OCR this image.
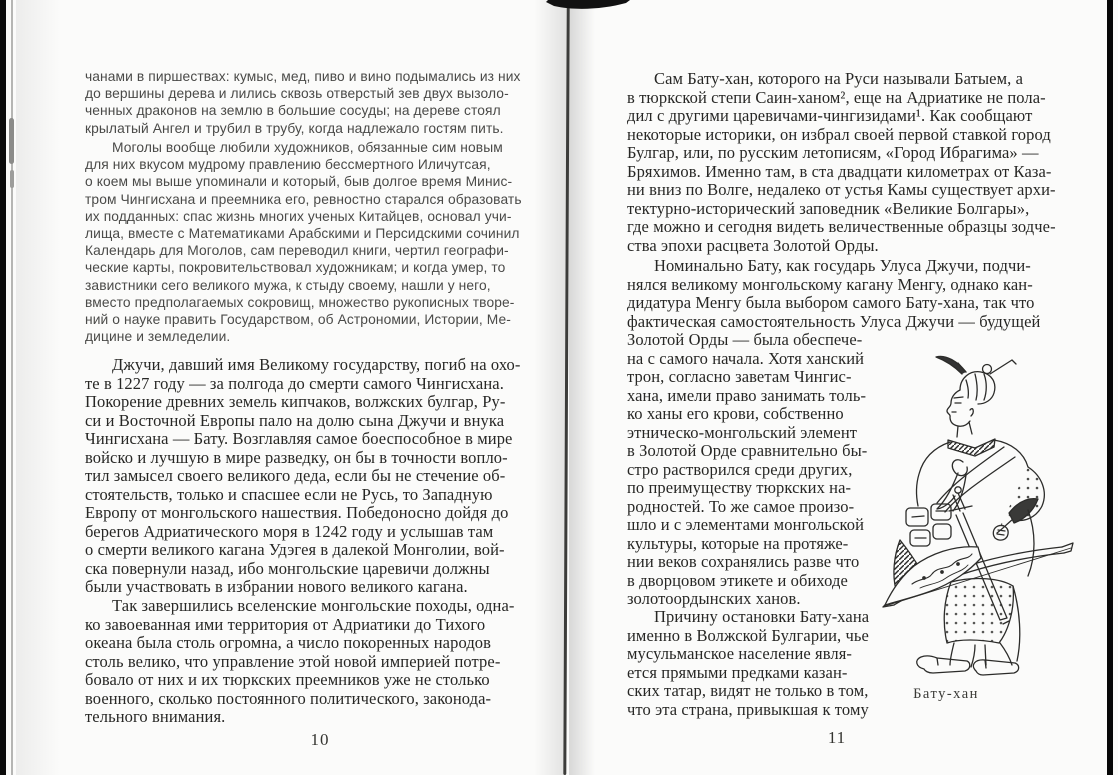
чанами в пиршествах: кумыс, мед, пиво и вино подымались из них
до вершины дерева и лились сквозь отверстый зев двух вызоло-
ченных драконов на землю в большие сосуды; на дереве стоял
крылатый Ангел и трубил в трубу, когда надлежало гостям пить.
Моголы вообще любили художников, обязанные сим новым
для них вкусом мудрому правлению бессмертного Иличутсая,
о коем мы выше упоминали и который, быв долгое время Минис-
тром Чингисхана и преемника его, ревностно старался образовать
их подданных: спас жизнь многих ученых Китайцев, основал учи-
лища, вместе с Математиками Арабскими и Персидскими сочинил
Календарь для Моголов, сам переводил книги, чертил географи-
ческие карты, покровительствовал художникам; и когда умер, то
завистники сего великого мужа, к стыду своему, нашли у него,
вместо предполагаемых сокровищ, множество рукописных творе-
ний о науке править Государством, об Астрономии, Истории, Ме-
дицине и земледелии.
Джучи, давший имя Великому государству, погиб на охо-
те в 1227 году — за полгода до смерти самого Чингисхана.
Покорение древних земель кипчаков, волжских булгар, Ру-
си и Восточной Европы пало на долю сына Джучи и внука
Чингисхана — Бату. Возглавляя самое боеспособное в мире
войско и лучшую в мире разведку, он бы в точности вопло-
тил замысел своего великого деда, если бы не стечение об-
стоятельств, только и спасшее если не Русь, то Западную
Европу от монгольского нашествия. Победоносно дойдя до
берегов Адриатического моря в 1242 году и услышав там
о смерти великого кагана Удэгея в далекой Монголии, вой-
ска повернули назад, ибо монгольские царевичи должны
были участвовать в избрании нового великого кагана.
Так завершились вселенские монгольские походы, одна-
ко завоеванная ими территория от Адриатики до Тихого
океана была столь огромна, а число покоренных народов
столь велико, что управление этой новой империей потре-
бовало от них и их тюркских преемников уже не столько
военного, сколько постоянного политического, законода-
тельного внимания.
10
Сам Бату-хан, которого на Руси называли Батыем, а
в тюркской степи Саин-ханом², еще на Адриатике не пола-
дил с другими царевичами-чингизидами¹. Как сообщают
некоторые историки, он избрал своей первой ставкой город
Булгар, или, по русским летописям, «Город Ибрагима» —
Бряхимов. Именно там, в ста двадцати километрах от Каза-
ни вниз по Волге, недалеко от устья Камы существует архи-
тектурно-исторический заповедник «Великие Болгары»,
где можно и сегодня видеть величественные образцы зодче-
ства эпохи расцвета Золотой Орды.
Номинально Бату, как государь Улуса Джучи, подчи-
нялся великому монгольскому кагану Менгу, однако кан-
дидатура Менгу была выбором самого Бату-хана, так что
фактическая самостоятельность Улуса Джучи — будущей
Золотой Орды — была обеспече-
на с самого начала. Хотя ханский
трон, согласно заветам Чингис-
хана, имели право занимать толь-
ко ханы его крови, собственно
этническо-монгольский элемент
в Золотой Орде сравнительно бы-
стро растворился среди других,
по преимуществу тюркских на-
родностей. То же самое произо-
шло и с элементами монгольской
культуры, которые на протяже-
нии веков сохранялись разве что
в дворцовом этикете и обиходе
золотоордынских ханов.
Причину остановки Бату-хана
именно в Волжской Булгарии, чье
мусульманское население явля-
ется прямыми предками казан-
ских татар, видят не только в том,
что эта страна, привыкшая к тому
Бату-хан
11
